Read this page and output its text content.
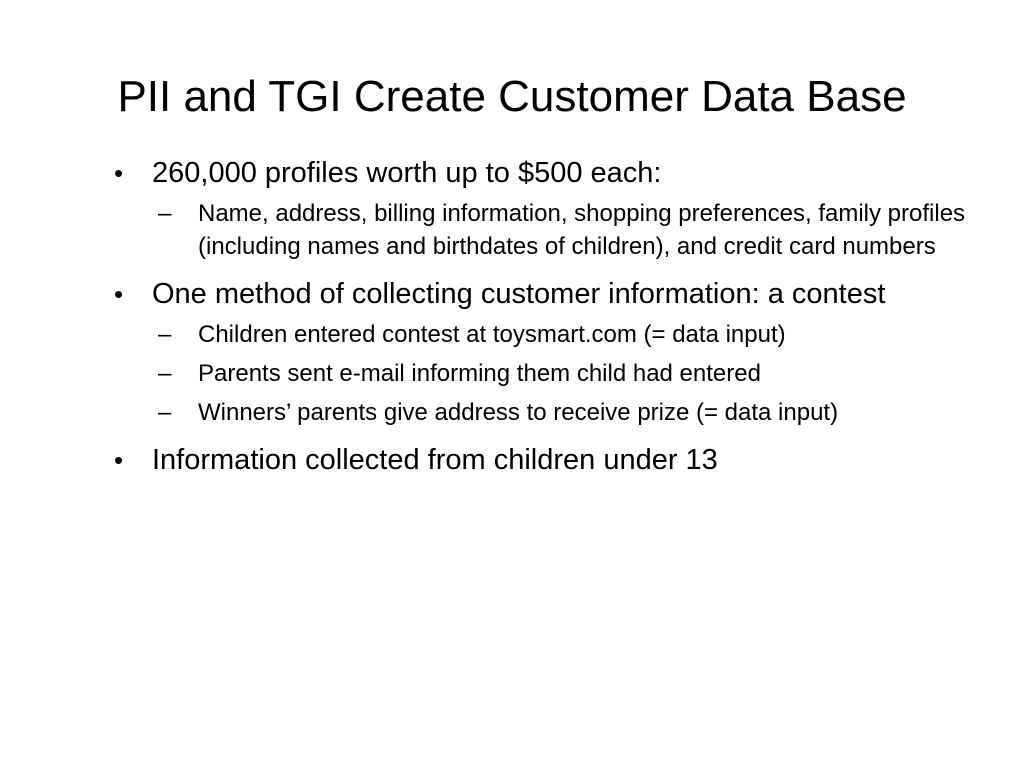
PII and TGI Create Customer Data Base
• 260,000 profiles worth up to $500 each:
– Name, address, billing information, shopping preferences, family profiles (including names and birthdates of children), and credit card numbers
• One method of collecting customer information: a contest
– Children entered contest at toysmart.com (= data input)
– Parents sent e-mail informing them child had entered
– Winners’ parents give address to receive prize (= data input)
• Information collected from children under 13
